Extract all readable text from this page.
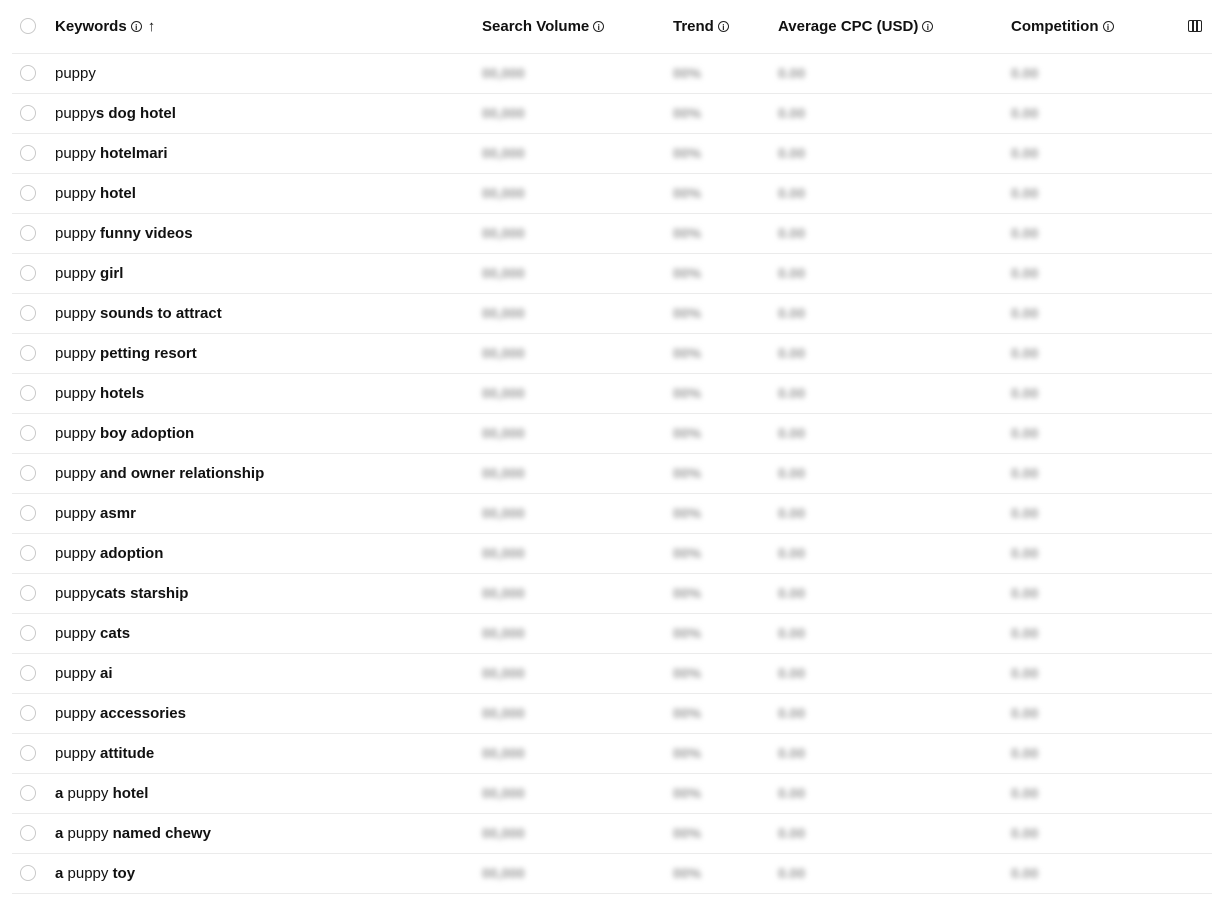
Keywords i ↑	Search Volume i	Trend i	Average CPC (USD) i	Competition i
puppy	00,000	00%	0.00	0.00
puppys dog hotel	00,000	00%	0.00	0.00
puppy hotelmari	00,000	00%	0.00	0.00
puppy hotel	00,000	00%	0.00	0.00
puppy funny videos	00,000	00%	0.00	0.00
puppy girl	00,000	00%	0.00	0.00
puppy sounds to attract	00,000	00%	0.00	0.00
puppy petting resort	00,000	00%	0.00	0.00
puppy hotels	00,000	00%	0.00	0.00
puppy boy adoption	00,000	00%	0.00	0.00
puppy and owner relationship	00,000	00%	0.00	0.00
puppy asmr	00,000	00%	0.00	0.00
puppy adoption	00,000	00%	0.00	0.00
puppycats starship	00,000	00%	0.00	0.00
puppy cats	00,000	00%	0.00	0.00
puppy ai	00,000	00%	0.00	0.00
puppy accessories	00,000	00%	0.00	0.00
puppy attitude	00,000	00%	0.00	0.00
a puppy hotel	00,000	00%	0.00	0.00
a puppy named chewy	00,000	00%	0.00	0.00
a puppy toy	00,000	00%	0.00	0.00
